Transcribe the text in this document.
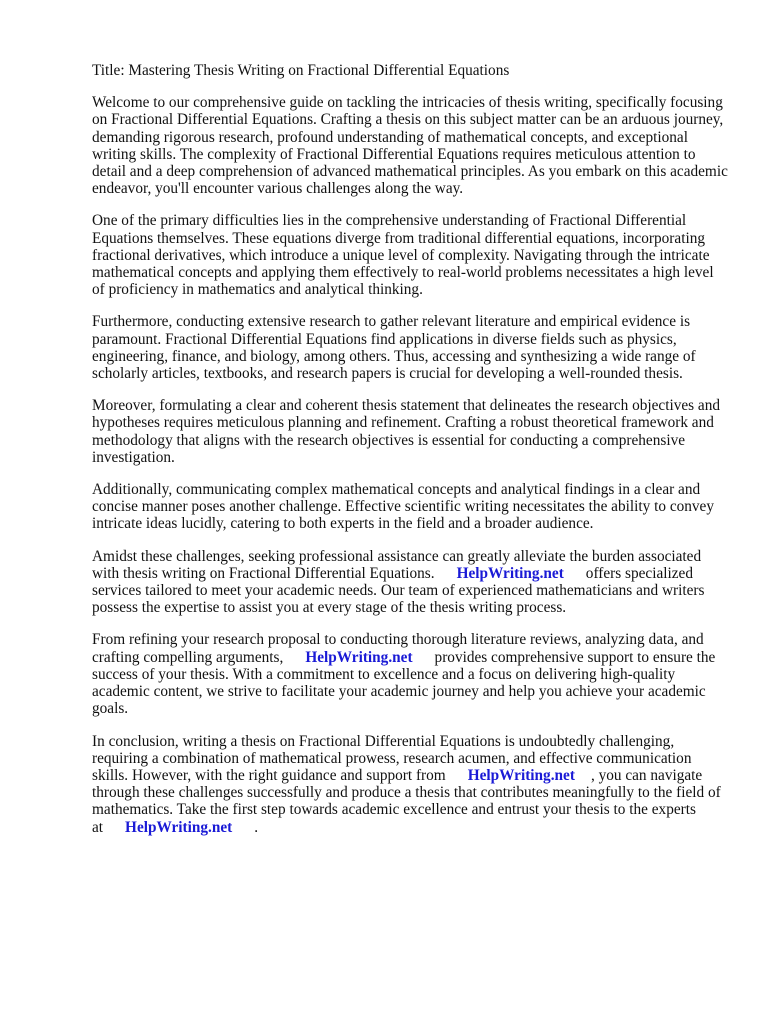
Title: Mastering Thesis Writing on Fractional Differential Equations

Welcome to our comprehensive guide on tackling the intricacies of thesis writing, specifically focusing on Fractional Differential Equations. Crafting a thesis on this subject matter can be an arduous journey, demanding rigorous research, profound understanding of mathematical concepts, and exceptional writing skills. The complexity of Fractional Differential Equations requires meticulous attention to detail and a deep comprehension of advanced mathematical principles. As you embark on this academic endeavor, you'll encounter various challenges along the way.

One of the primary difficulties lies in the comprehensive understanding of Fractional Differential Equations themselves. These equations diverge from traditional differential equations, incorporating fractional derivatives, which introduce a unique level of complexity. Navigating through the intricate mathematical concepts and applying them effectively to real-world problems necessitates a high level of proficiency in mathematics and analytical thinking.

Furthermore, conducting extensive research to gather relevant literature and empirical evidence is paramount. Fractional Differential Equations find applications in diverse fields such as physics, engineering, finance, and biology, among others. Thus, accessing and synthesizing a wide range of scholarly articles, textbooks, and research papers is crucial for developing a well-rounded thesis.

Moreover, formulating a clear and coherent thesis statement that delineates the research objectives and hypotheses requires meticulous planning and refinement. Crafting a robust theoretical framework and methodology that aligns with the research objectives is essential for conducting a comprehensive investigation.

Additionally, communicating complex mathematical concepts and analytical findings in a clear and concise manner poses another challenge. Effective scientific writing necessitates the ability to convey intricate ideas lucidly, catering to both experts in the field and a broader audience.

Amidst these challenges, seeking professional assistance can greatly alleviate the burden associated with thesis writing on Fractional Differential Equations. HelpWriting.net offers specialized services tailored to meet your academic needs. Our team of experienced mathematicians and writers possess the expertise to assist you at every stage of the thesis writing process.

From refining your research proposal to conducting thorough literature reviews, analyzing data, and crafting compelling arguments, HelpWriting.net provides comprehensive support to ensure the success of your thesis. With a commitment to excellence and a focus on delivering high-quality academic content, we strive to facilitate your academic journey and help you achieve your academic goals.

In conclusion, writing a thesis on Fractional Differential Equations is undoubtedly challenging, requiring a combination of mathematical prowess, research acumen, and effective communication skills. However, with the right guidance and support from HelpWriting.net , you can navigate through these challenges successfully and produce a thesis that contributes meaningfully to the field of mathematics. Take the first step towards academic excellence and entrust your thesis to the experts at HelpWriting.net .
